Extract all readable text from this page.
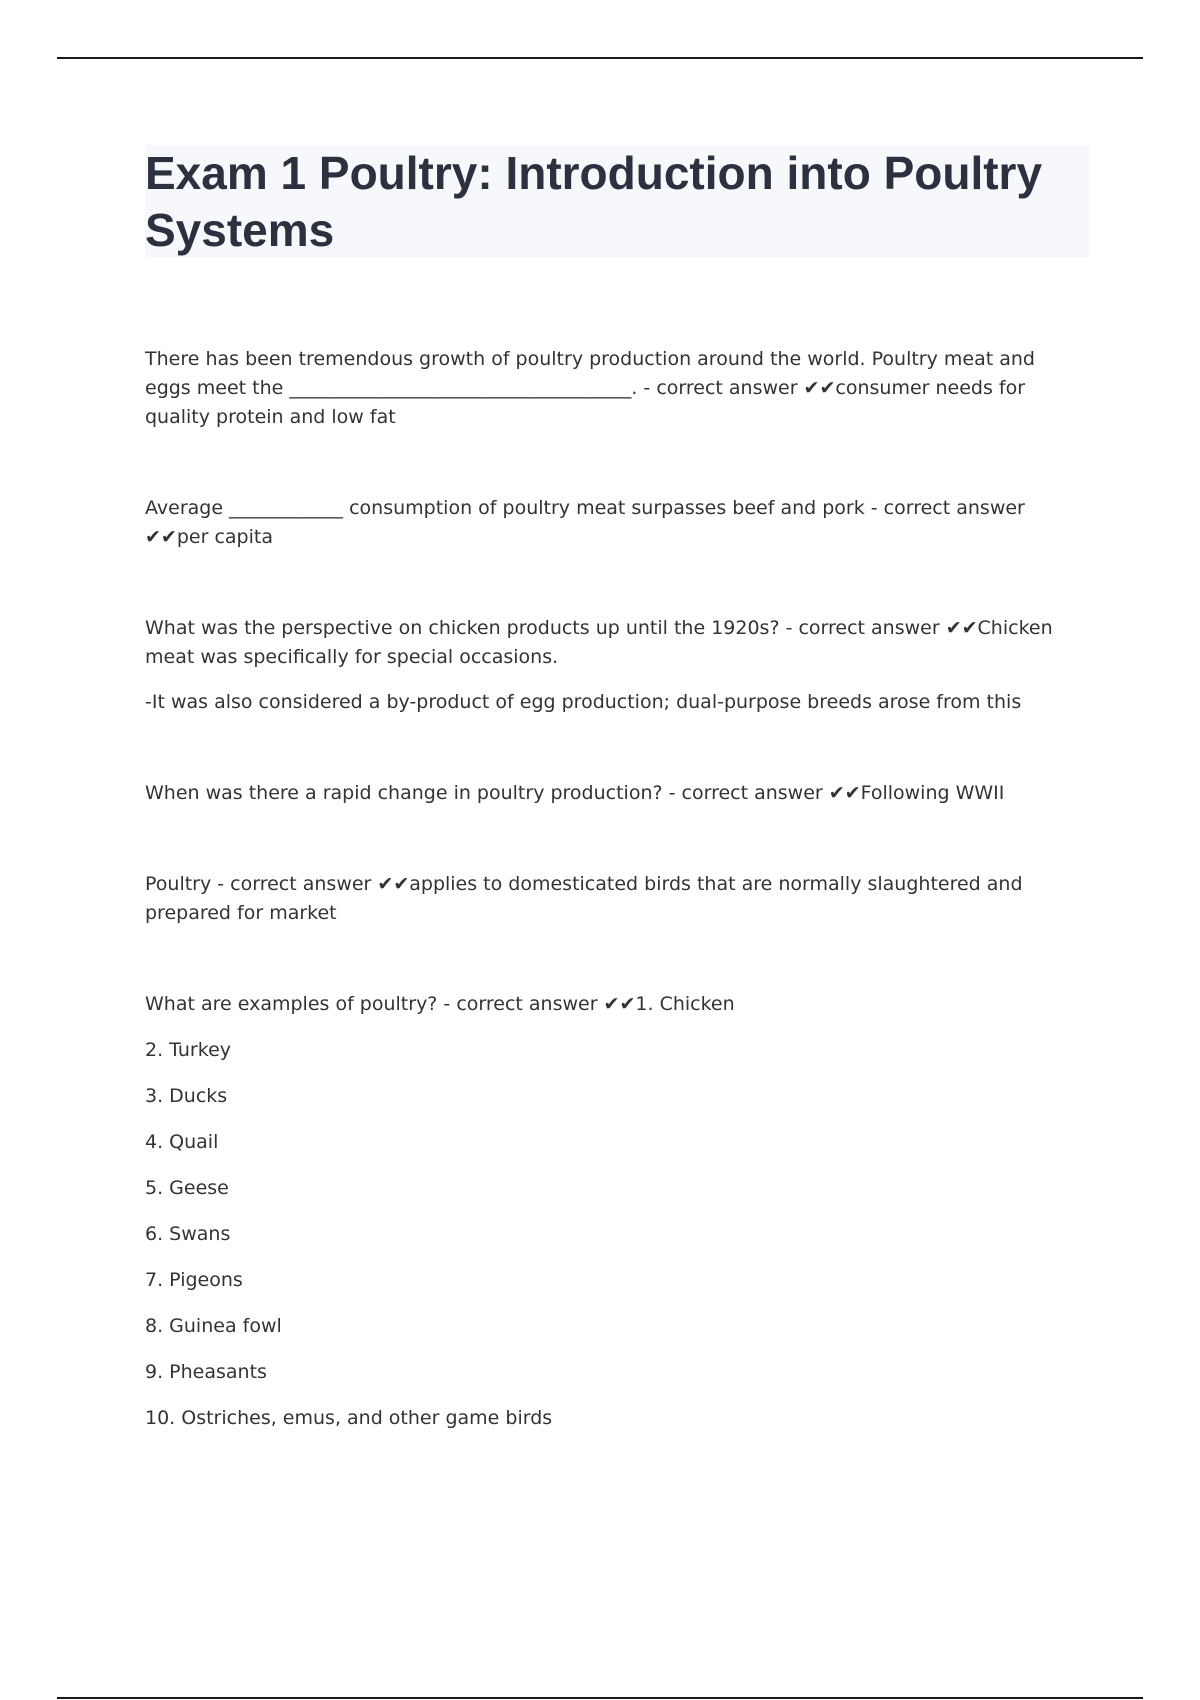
Exam 1 Poultry: Introduction into Poultry Systems

There has been tremendous growth of poultry production around the world. Poultry meat and eggs meet the ____________________________________. - correct answer ✔✔consumer needs for quality protein and low fat

Average ____________ consumption of poultry meat surpasses beef and pork - correct answer ✔✔per capita

What was the perspective on chicken products up until the 1920s? - correct answer ✔✔Chicken meat was specifically for special occasions.

-It was also considered a by-product of egg production; dual-purpose breeds arose from this

When was there a rapid change in poultry production? - correct answer ✔✔Following WWII

Poultry - correct answer ✔✔applies to domesticated birds that are normally slaughtered and prepared for market

What are examples of poultry? - correct answer ✔✔1. Chicken

2. Turkey

3. Ducks

4. Quail

5. Geese

6. Swans

7. Pigeons

8. Guinea fowl

9. Pheasants

10. Ostriches, emus, and other game birds
